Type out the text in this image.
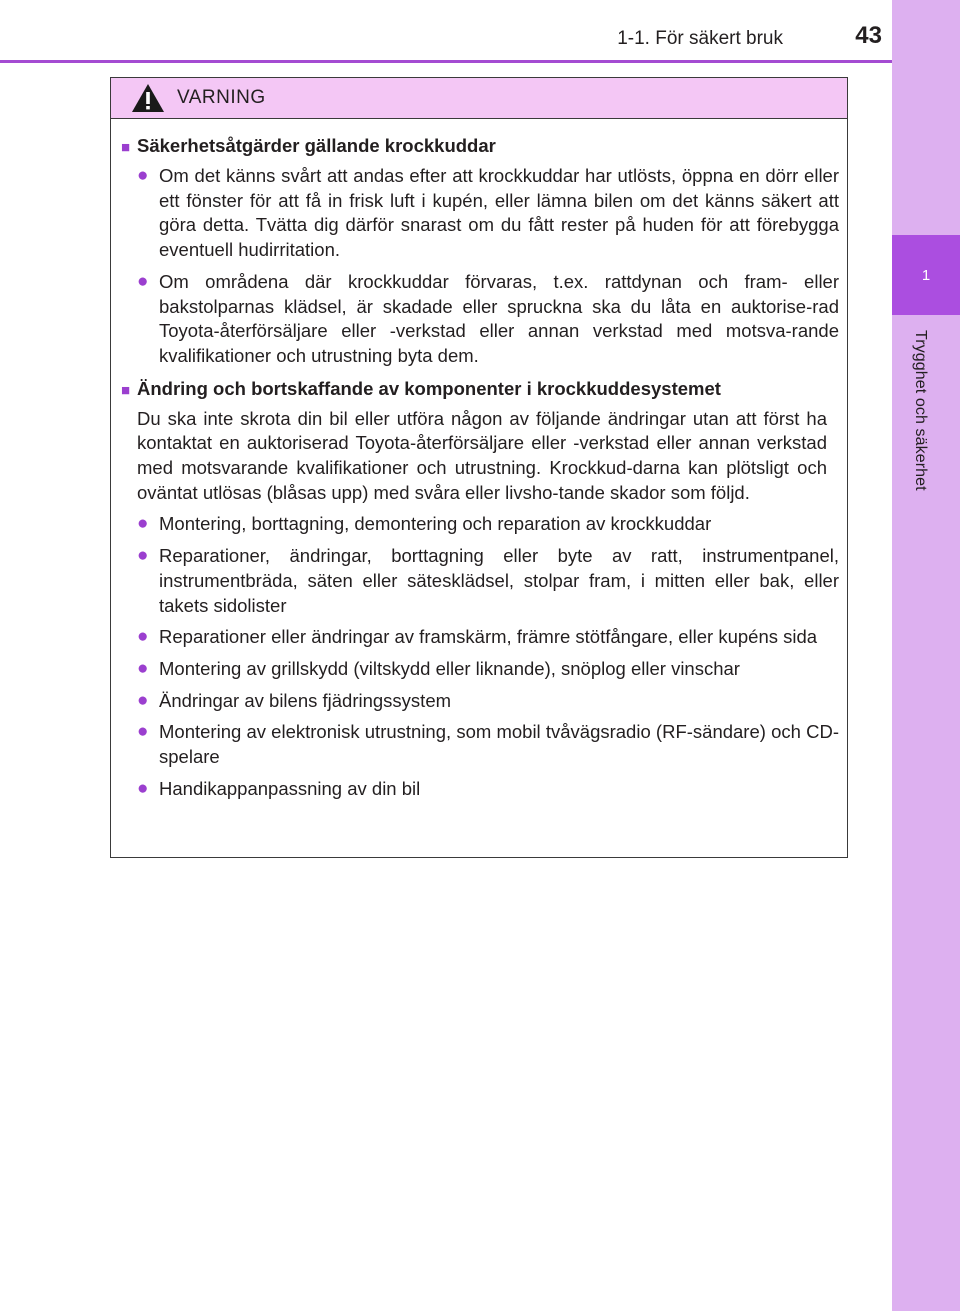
1-1. För säkert bruk	43
1
Trygghet och säkerhet
VARNING
■ Säkerhetsåtgärder gällande krockkuddar
● Om det känns svårt att andas efter att krockkuddar har utlösts, öppna en dörr eller ett fönster för att få in frisk luft i kupén, eller lämna bilen om det känns säkert att göra detta. Tvätta dig därför snarast om du fått rester på huden för att förebygga eventuell hudirritation.
● Om områdena där krockkuddar förvaras, t.ex. rattdynan och fram- eller bakstolparnas klädsel, är skadade eller spruckna ska du låta en auktorise-rad Toyota-återförsäljare eller -verkstad eller annan verkstad med motsva-rande kvalifikationer och utrustning byta dem.
■ Ändring och bortskaffande av komponenter i krockkuddesystemet
Du ska inte skrota din bil eller utföra någon av följande ändringar utan att först ha kontaktat en auktoriserad Toyota-återförsäljare eller -verkstad eller annan verkstad med motsvarande kvalifikationer och utrustning. Krockkud-darna kan plötsligt och oväntat utlösas (blåsas upp) med svåra eller livsho-tande skador som följd.
● Montering, borttagning, demontering och reparation av krockkuddar
● Reparationer, ändringar, borttagning eller byte av ratt, instrumentpanel, instrumentbräda, säten eller sätesklädsel, stolpar fram, i mitten eller bak, eller takets sidolister
● Reparationer eller ändringar av framskärm, främre stötfångare, eller kupéns sida
● Montering av grillskydd (viltskydd eller liknande), snöplog eller vinschar
● Ändringar av bilens fjädringssystem
● Montering av elektronisk utrustning, som mobil tvåvägsradio (RF-sändare) och CD-spelare
● Handikappanpassning av din bil
